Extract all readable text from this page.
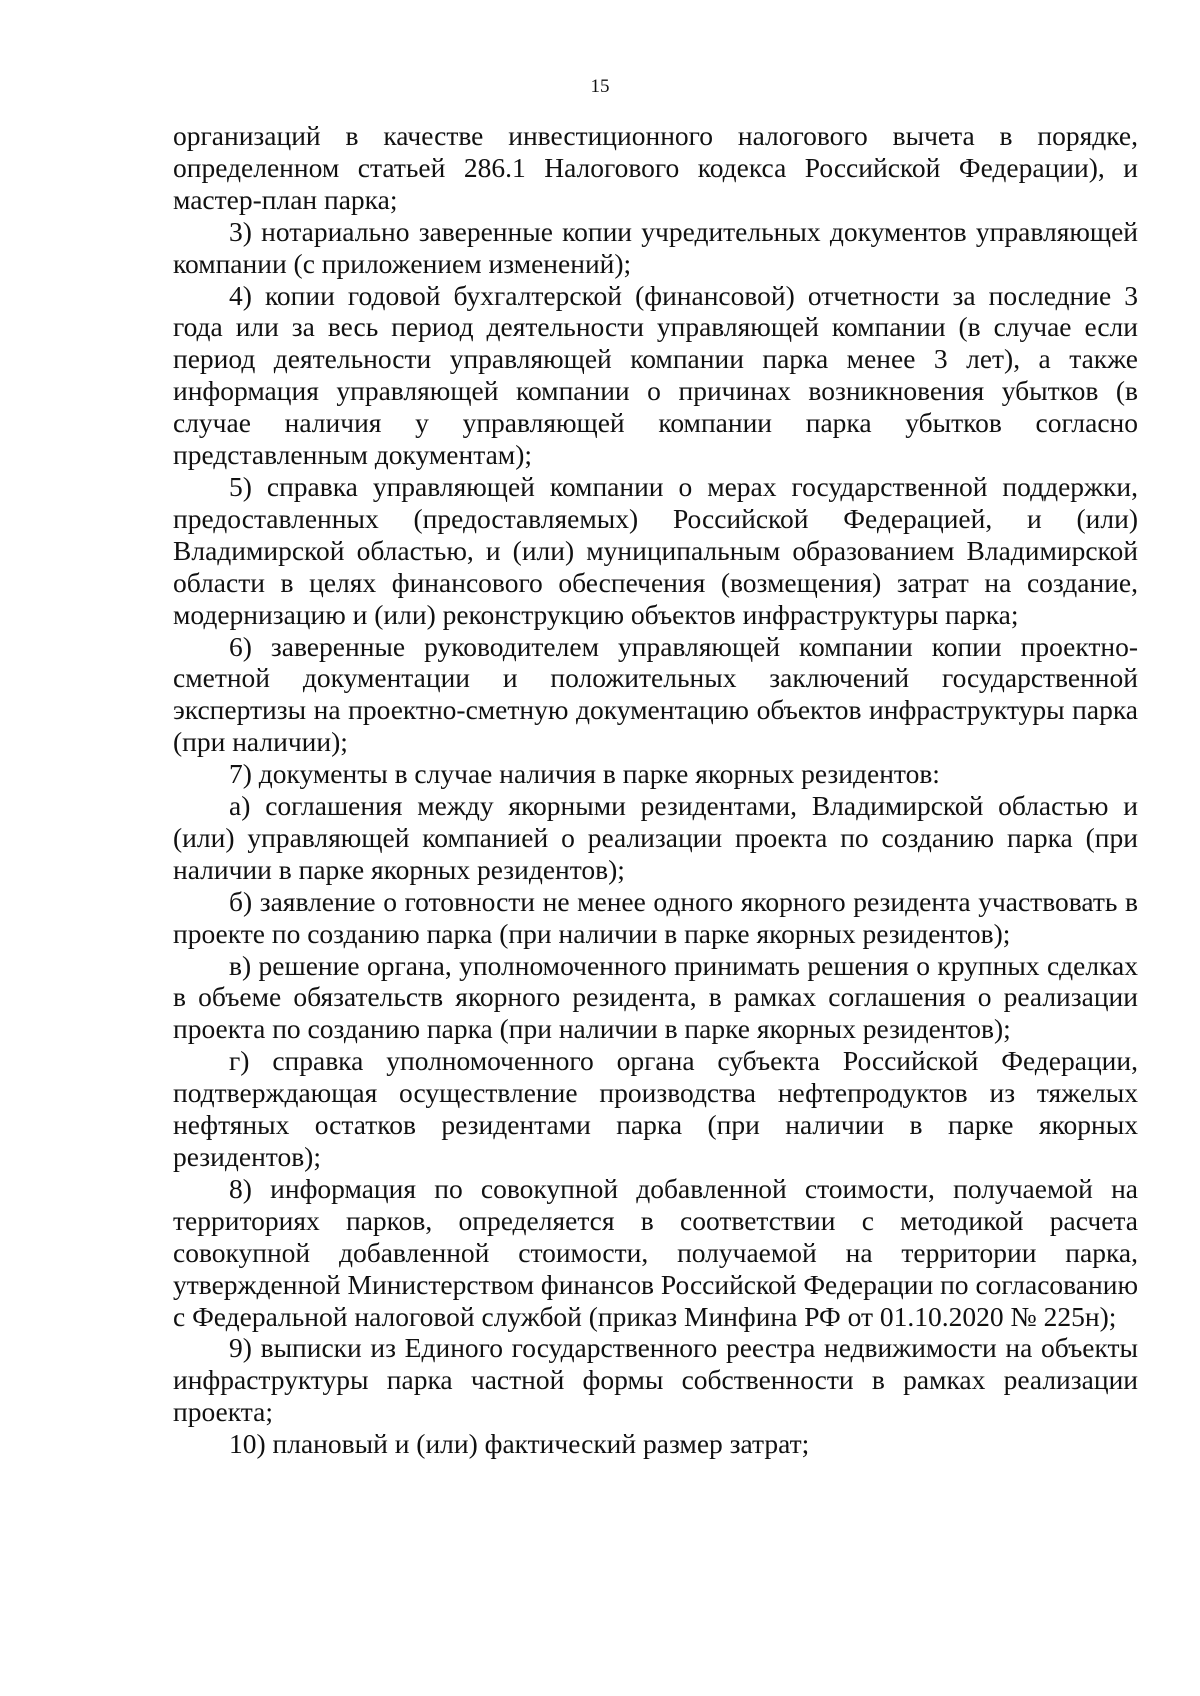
15

организаций в качестве инвестиционного налогового вычета в порядке, определенном статьей 286.1 Налогового кодекса Российской Федерации), и мастер-план парка;

3) нотариально заверенные копии учредительных документов управляющей компании (с приложением изменений);

4) копии годовой бухгалтерской (финансовой) отчетности за последние 3 года или за весь период деятельности управляющей компании (в случае если период деятельности управляющей компании парка менее 3 лет), а также информация управляющей компании о причинах возникновения убытков (в случае наличия у управляющей компании парка убытков согласно представленным документам);

5) справка управляющей компании о мерах государственной поддержки, предоставленных (предоставляемых) Российской Федерацией, и (или) Владимирской областью, и (или) муниципальным образованием Владимирской области в целях финансового обеспечения (возмещения) затрат на создание, модернизацию и (или) реконструкцию объектов инфраструктуры парка;

6) заверенные руководителем управляющей компании копии проектно-сметной документации и положительных заключений государственной экспертизы на проектно-сметную документацию объектов инфраструктуры парка (при наличии);

7) документы в случае наличия в парке якорных резидентов:

а) соглашения между якорными резидентами, Владимирской областью и (или) управляющей компанией о реализации проекта по созданию парка (при наличии в парке якорных резидентов);

б) заявление о готовности не менее одного якорного резидента участвовать в проекте по созданию парка (при наличии в парке якорных резидентов);

в) решение органа, уполномоченного принимать решения о крупных сделках в объеме обязательств якорного резидента, в рамках соглашения о реализации проекта по созданию парка (при наличии в парке якорных резидентов);

г) справка уполномоченного органа субъекта Российской Федерации, подтверждающая осуществление производства нефтепродуктов из тяжелых нефтяных остатков резидентами парка (при наличии в парке якорных резидентов);

8) информация по совокупной добавленной стоимости, получаемой на территориях парков, определяется в соответствии с методикой расчета совокупной добавленной стоимости, получаемой на территории парка, утвержденной Министерством финансов Российской Федерации по согласованию с Федеральной налоговой службой (приказ Минфина РФ от 01.10.2020 № 225н);

9) выписки из Единого государственного реестра недвижимости на объекты инфраструктуры парка частной формы собственности в рамках реализации проекта;

10) плановый и (или) фактический размер затрат;
